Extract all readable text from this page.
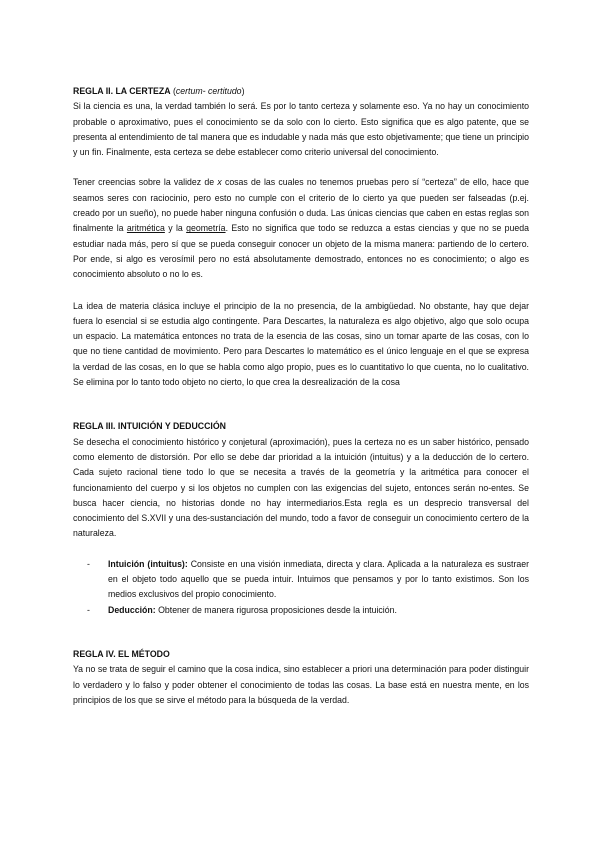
REGLA II. LA CERTEZA (certum- certitudo)

Si la ciencia es una, la verdad también lo será. Es por lo tanto certeza y solamente eso. Ya no hay un conocimiento probable o aproximativo, pues el conocimiento se da solo con lo cierto. Esto significa que es algo patente, que se presenta al entendimiento de tal manera que es indudable y nada más que esto objetivamente; que tiene un principio y un fin. Finalmente, esta certeza se debe establecer como criterio universal del conocimiento.

Tener creencias sobre la validez de x cosas de las cuales no tenemos pruebas pero sí “certeza” de ello, hace que seamos seres con raciocinio, pero esto no cumple con el criterio de lo cierto ya que pueden ser falseadas (p.ej. creado por un sueño), no puede haber ninguna confusión o duda. Las únicas ciencias que caben en estas reglas son finalmente la aritmética y la geometría. Esto no significa que todo se reduzca a estas ciencias y que no se pueda estudiar nada más, pero sí que se pueda conseguir conocer un objeto de la misma manera: partiendo de lo certero. Por ende, si algo es verosímil pero no está absolutamente demostrado, entonces no es conocimiento; o algo es conocimiento absoluto o no lo es.

La idea de materia clásica incluye el principio de la no presencia, de la ambigüedad. No obstante, hay que dejar fuera lo esencial si se estudia algo contingente. Para Descartes, la naturaleza es algo objetivo, algo que solo ocupa un espacio. La matemática entonces no trata de la esencia de las cosas, sino un tomar aparte de las cosas, con lo que no tiene cantidad de movimiento. Pero para Descartes lo matemático es el único lenguaje en el que se expresa la verdad de las cosas, en lo que se habla como algo propio, pues es lo cuantitativo lo que cuenta, no lo cualitativo. Se elimina por lo tanto todo objeto no cierto, lo que crea la desrealización de la cosa

REGLA III. INTUICIÓN Y DEDUCCIÓN

Se desecha el conocimiento histórico y conjetural (aproximación), pues la certeza no es un saber histórico, pensado como elemento de distorsión. Por ello se debe dar prioridad a la intuición (intuitus) y a la deducción de lo certero. Cada sujeto racional tiene todo lo que se necesita a través de la geometría y la aritmética para conocer el funcionamiento del cuerpo y si los objetos no cumplen con las exigencias del sujeto, entonces serán no-entes. Se busca hacer ciencia, no historias donde no hay intermediarios.Esta regla es un desprecio transversal del conocimiento del S.XVII y una des-sustanciación del mundo, todo a favor de conseguir un conocimiento certero de la naturaleza.

- Intuición (intuitus): Consiste en una visión inmediata, directa y clara. Aplicada a la naturaleza es sustraer en el objeto todo aquello que se pueda intuir. Intuimos que pensamos y por lo tanto existimos. Son los medios exclusivos del propio conocimiento.
- Deducción: Obtener de manera rigurosa proposiciones desde la intuición.
REGLA IV. EL MÉTODO

Ya no se trata de seguir el camino que la cosa indica, sino establecer a priori una determinación para poder distinguir lo verdadero y lo falso y poder obtener el conocimiento de todas las cosas. La base está en nuestra mente, en los principios de los que se sirve el método para la búsqueda de la verdad.
